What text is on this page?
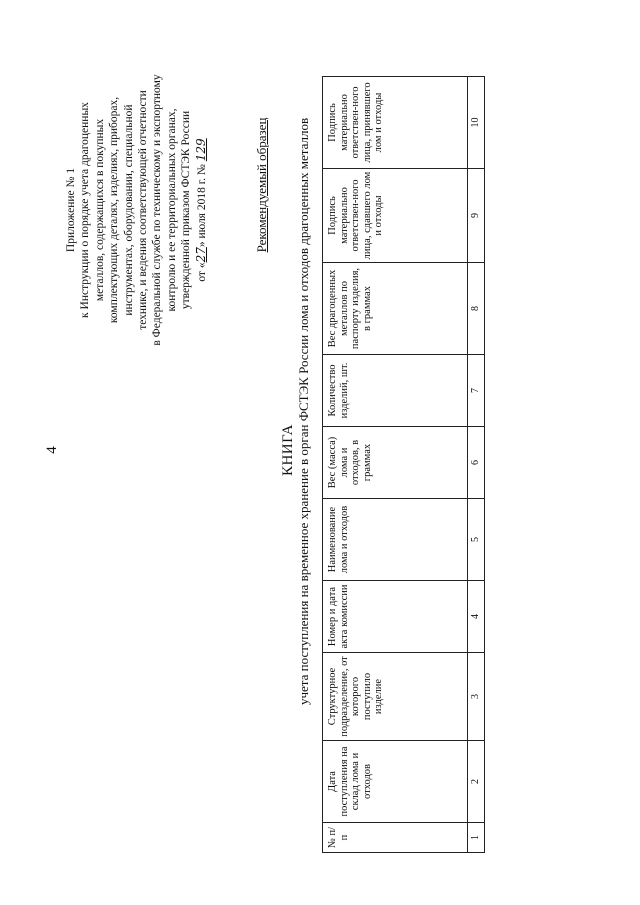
4
Приложение № 1 к Инструкции о порядке учета драгоценных металлов, содержащихся в покупных комплектующих деталях, изделиях, приборах, инструментах, оборудовании, специальной технике, и ведения соответствующей отчетности в Федеральной службе по техническому и экспортному контролю и ее территориальных органах, утвержденной приказом ФСТЭК России от «27» июля 2018 г. № 129	Рекомендуемый образец
КНИГА учета поступления на временное хранение в орган ФСТЭК России лома и отходов драгоценных металлов
№ п/п	Дата поступления на склад лома и отходов	Структурное подразделение, от которого поступило изделие	Номер и дата акта комиссии	Наименование лома и отходов	Вес (масса) лома и отходов, в граммах	Количество изделий, шт.	Вес драгоценных металлов по паспорту изделия, в граммах	Подпись материально ответствен-ного лица, сдавшего лом и отходы	Подпись материально ответствен-ного лица, принявшего лом и отходы
1	2	3	4	5	6	7	8	9	10
